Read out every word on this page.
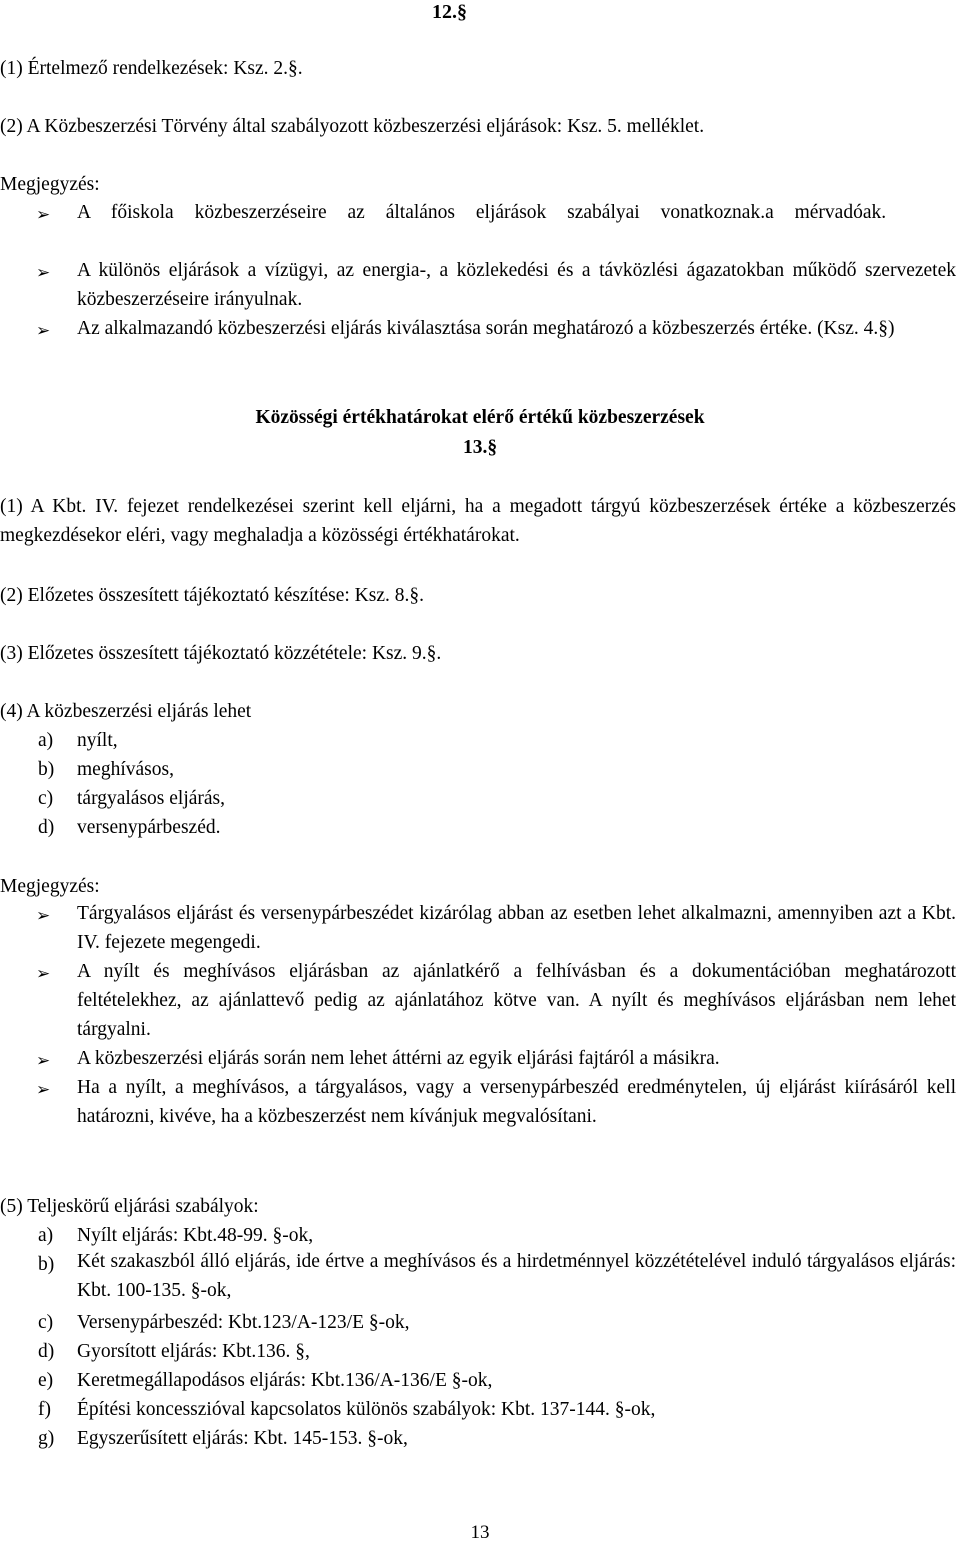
12.§
(1) Értelmező rendelkezések: Ksz. 2.§.
(2) A Közbeszerzési Törvény által szabályozott közbeszerzési eljárások: Ksz. 5. melléklet.
Megjegyzés:
➢ A főiskola közbeszerzéseire az általános eljárások szabályai vonatkoznak.a mérvadóak.
➢ A különös eljárások a vízügyi, az energia-, a közlekedési és a távközlési ágazatokban működő szervezetek közbeszerzéseire irányulnak.
➢ Az alkalmazandó közbeszerzési eljárás kiválasztása során meghatározó a közbeszerzés értéke. (Ksz. 4.§)
Közösségi értékhatárokat elérő értékű közbeszerzések
13.§
(1) A Kbt. IV. fejezet rendelkezései szerint kell eljárni, ha a megadott tárgyú közbeszerzések értéke a közbeszerzés megkezdésekor eléri, vagy meghaladja a közösségi értékhatárokat.
(2) Előzetes összesített tájékoztató készítése: Ksz. 8.§.
(3) Előzetes összesített tájékoztató közzététele: Ksz. 9.§.
(4) A közbeszerzési eljárás lehet
a) nyílt,
b) meghívásos,
c) tárgyalásos eljárás,
d) versenypárbeszéd.
Megjegyzés:
➢ Tárgyalásos eljárást és versenypárbeszédet kizárólag abban az esetben lehet alkalmazni, amennyiben azt a Kbt. IV. fejezete megengedi.
➢ A nyílt és meghívásos eljárásban az ajánlatkérő a felhívásban és a dokumentációban meghatározott feltételekhez, az ajánlattevő pedig az ajánlatához kötve van. A nyílt és meghívásos eljárásban nem lehet tárgyalni.
➢ A közbeszerzési eljárás során nem lehet áttérni az egyik eljárási fajtáról a másikra.
➢ Ha a nyílt, a meghívásos, a tárgyalásos, vagy a versenypárbeszéd eredménytelen, új eljárást kiírásáról kell határozni, kivéve, ha a közbeszerzést nem kívánjuk megvalósítani.
(5) Teljeskörű eljárási szabályok:
a) Nyílt eljárás: Kbt.48-99. §-ok,
b) Két szakaszból álló eljárás, ide értve a meghívásos és a hirdetménnyel közzétételével induló tárgyalásos eljárás: Kbt. 100-135. §-ok,
c) Versenypárbeszéd: Kbt.123/A-123/E §-ok,
d) Gyorsított eljárás: Kbt.136. §,
e) Keretmegállapodásos eljárás: Kbt.136/A-136/E §-ok,
f) Építési koncesszióval kapcsolatos különös szabályok: Kbt. 137-144. §-ok,
g) Egyszerűsített eljárás: Kbt. 145-153. §-ok,
13
